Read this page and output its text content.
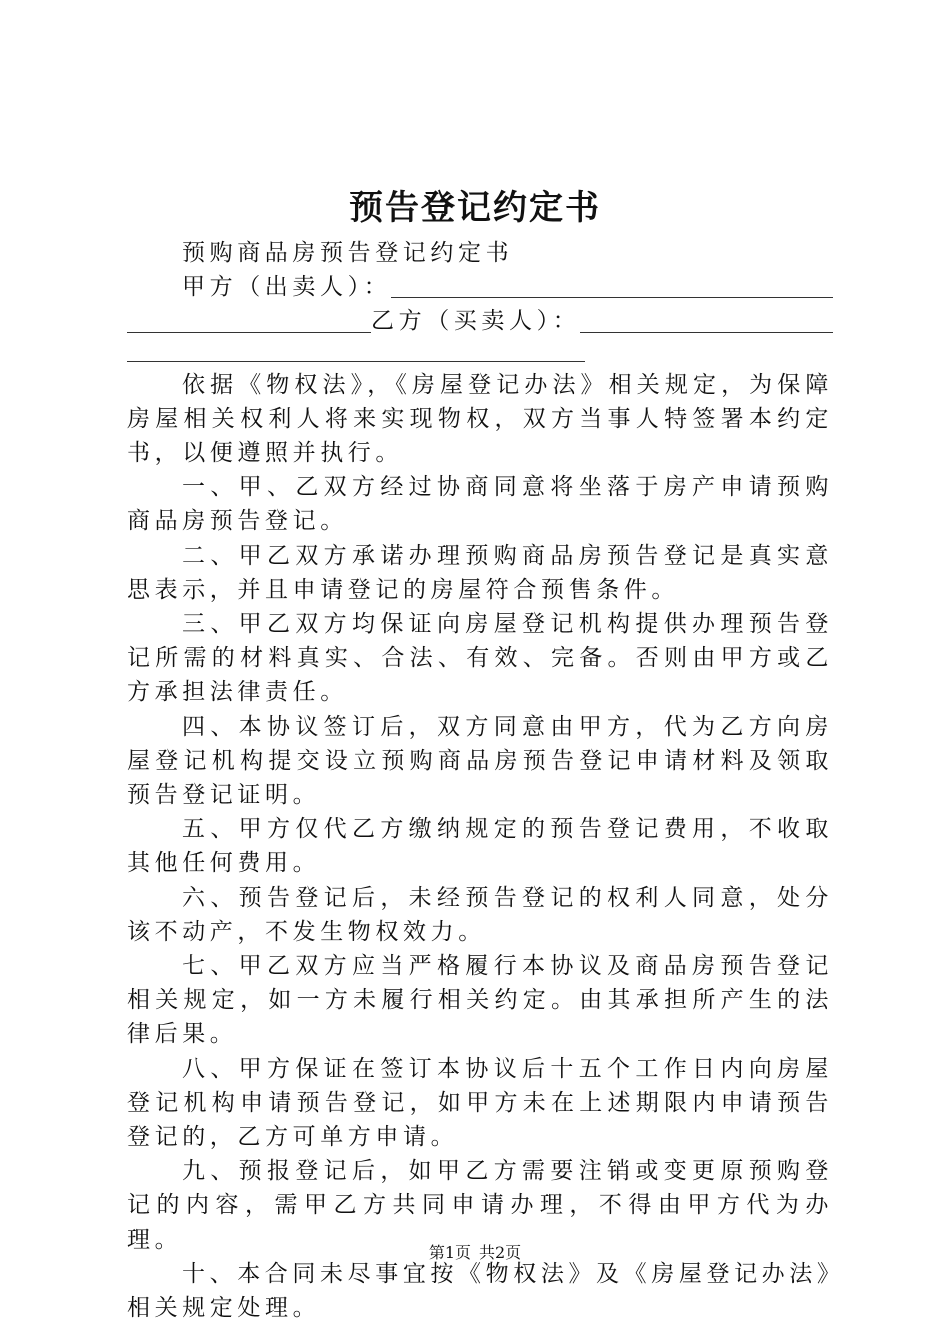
预告登记约定书

预购商品房预告登记约定书

甲方（出卖人）：
乙方（买卖人）：

依据《物权法》，《房屋登记办法》相关规定，为保障房屋相关权利人将来实现物权，双方当事人特签署本约定书，以便遵照并执行。

一、甲、乙双方经过协商同意将坐落于房产申请预购商品房预告登记。

二、甲乙双方承诺办理预购商品房预告登记是真实意思表示，并且申请登记的房屋符合预售条件。

三、甲乙双方均保证向房屋登记机构提供办理预告登记所需的材料真实、合法、有效、完备。否则由甲方或乙方承担法律责任。

四、本协议签订后，双方同意由甲方，代为乙方向房屋登记机构提交设立预购商品房预告登记申请材料及领取预告登记证明。

五、甲方仅代乙方缴纳规定的预告登记费用，不收取其他任何费用。

六、预告登记后，未经预告登记的权利人同意，处分该不动产，不发生物权效力。

七、甲乙双方应当严格履行本协议及商品房预告登记相关规定，如一方未履行相关约定。由其承担所产生的法律后果。

八、甲方保证在签订本协议后十五个工作日内向房屋登记机构申请预告登记，如甲方未在上述期限内申请预告登记的，乙方可单方申请。

九、预报登记后，如甲乙方需要注销或变更原预购登记的内容，需甲乙方共同申请办理，不得由甲方代为办理。

十、本合同未尽事宜按《物权法》及《房屋登记办法》相关规定处理。

第1页 共2页
